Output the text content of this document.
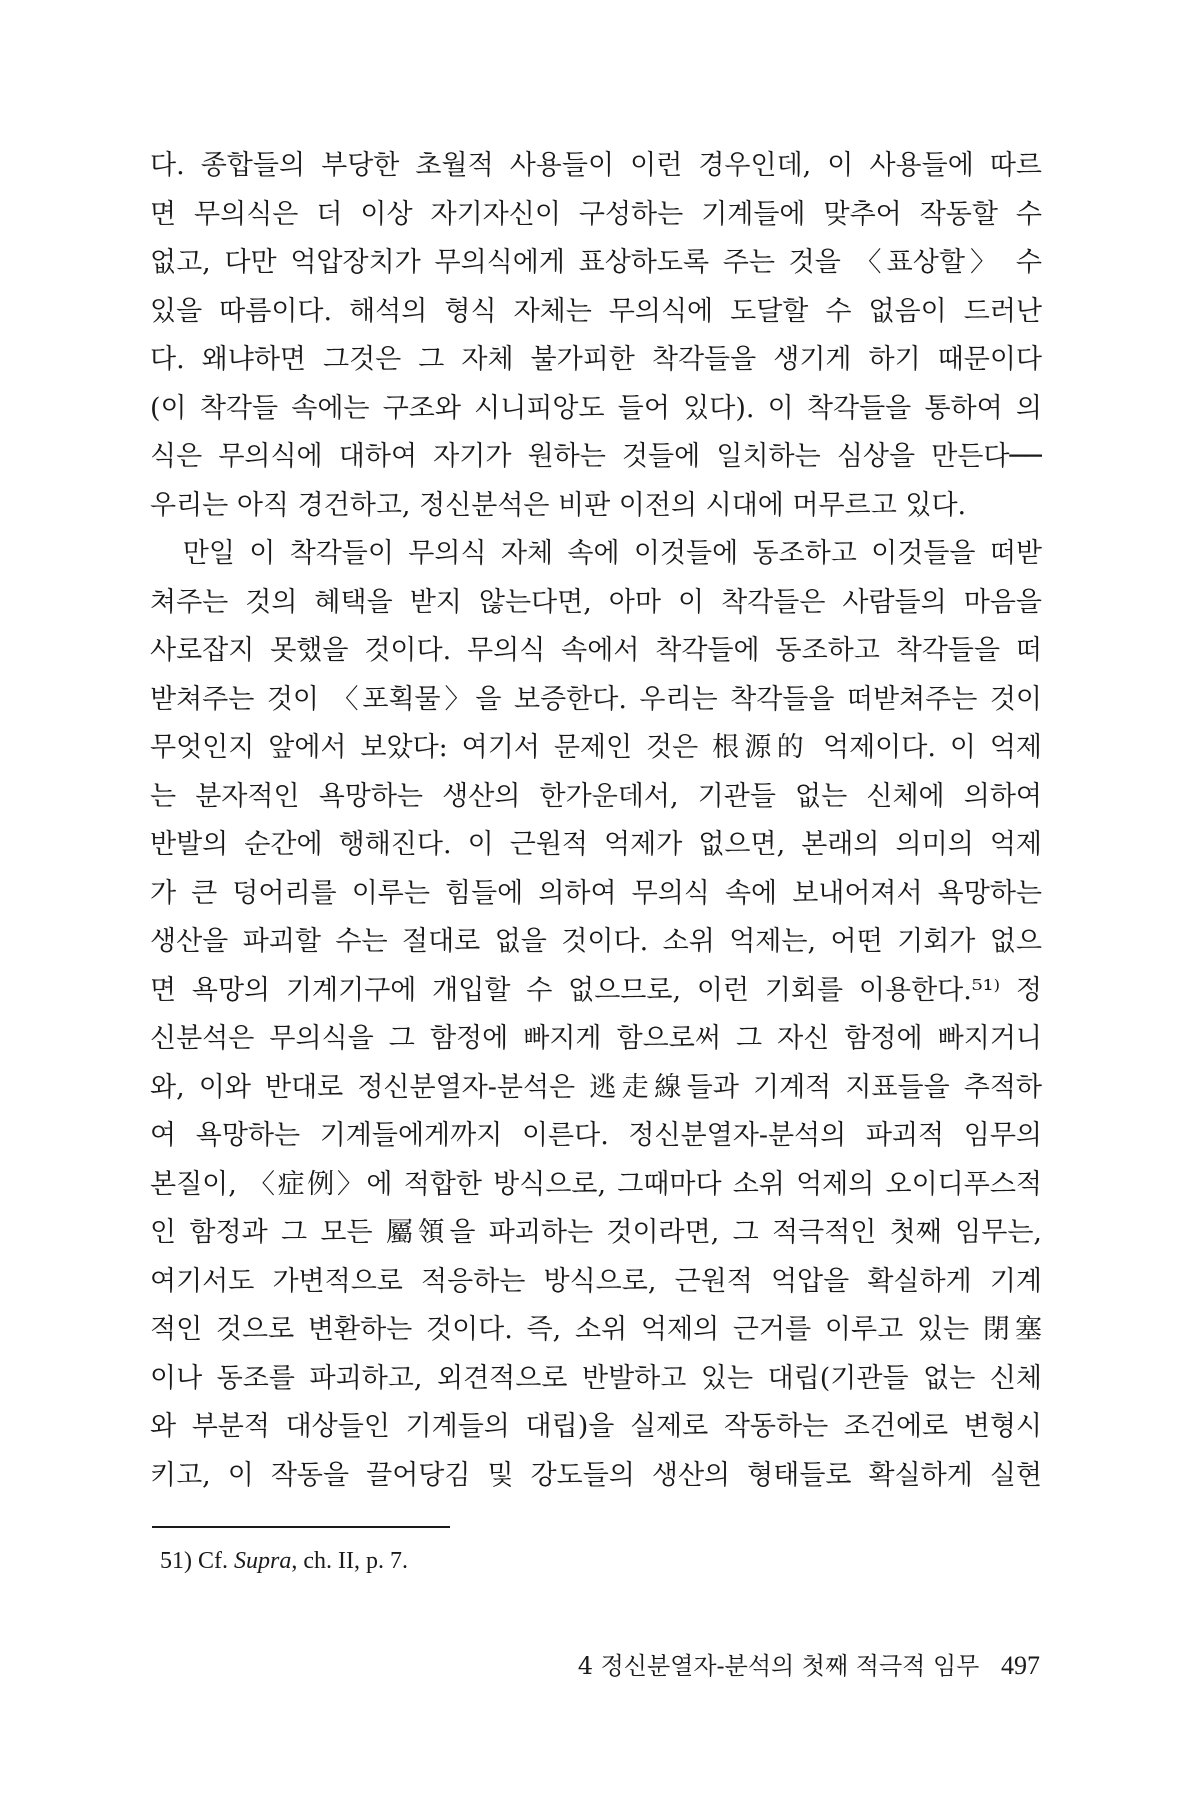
다. 종합들의 부당한 초월적 사용들이 이런 경우인데, 이 사용들에 따르
면 무의식은 더 이상 자기자신이 구성하는 기계들에 맞추어 작동할 수
없고, 다만 억압장치가 무의식에게 표상하도록 주는 것을 〈표상할〉 수
있을 따름이다. 해석의 형식 자체는 무의식에 도달할 수 없음이 드러난
다. 왜냐하면 그것은 그 자체 불가피한 착각들을 생기게 하기 때문이다
(이 착각들 속에는 구조와 시니피앙도 들어 있다). 이 착각들을 통하여 의
식은 무의식에 대하여 자기가 원하는 것들에 일치하는 심상을 만든다──
우리는 아직 경건하고, 정신분석은 비판 이전의 시대에 머무르고 있다.
　만일 이 착각들이 무의식 자체 속에 이것들에 동조하고 이것들을 떠받
쳐주는 것의 혜택을 받지 않는다면, 아마 이 착각들은 사람들의 마음을
사로잡지 못했을 것이다. 무의식 속에서 착각들에 동조하고 착각들을 떠
받쳐주는 것이 〈포획물〉을 보증한다. 우리는 착각들을 떠받쳐주는 것이
무엇인지 앞에서 보았다: 여기서 문제인 것은 根源的 억제이다. 이 억제
는 분자적인 욕망하는 생산의 한가운데서, 기관들 없는 신체에 의하여
반발의 순간에 행해진다. 이 근원적 억제가 없으면, 본래의 의미의 억제
가 큰 덩어리를 이루는 힘들에 의하여 무의식 속에 보내어져서 욕망하는
생산을 파괴할 수는 절대로 없을 것이다. 소위 억제는, 어떤 기회가 없으
면 욕망의 기계기구에 개입할 수 없으므로, 이런 기회를 이용한다.⁵¹⁾ 정
신분석은 무의식을 그 함정에 빠지게 함으로써 그 자신 함정에 빠지거니
와, 이와 반대로 정신분열자-분석은 逃走線들과 기계적 지표들을 추적하
여 욕망하는 기계들에게까지 이른다. 정신분열자-분석의 파괴적 임무의
본질이, 〈症例〉에 적합한 방식으로, 그때마다 소위 억제의 오이디푸스적
인 함정과 그 모든 屬領을 파괴하는 것이라면, 그 적극적인 첫째 임무는,
여기서도 가변적으로 적응하는 방식으로, 근원적 억압을 확실하게 기계
적인 것으로 변환하는 것이다. 즉, 소위 억제의 근거를 이루고 있는 閉塞
이나 동조를 파괴하고, 외견적으로 반발하고 있는 대립(기관들 없는 신체
와 부분적 대상들인 기계들의 대립)을 실제로 작동하는 조건에로 변형시
키고, 이 작동을 끌어당김 및 강도들의 생산의 형태들로 확실하게 실현
51) Cf. Supra, ch. II, p. 7.
4 정신분열자-분석의 첫째 적극적 임무 497
